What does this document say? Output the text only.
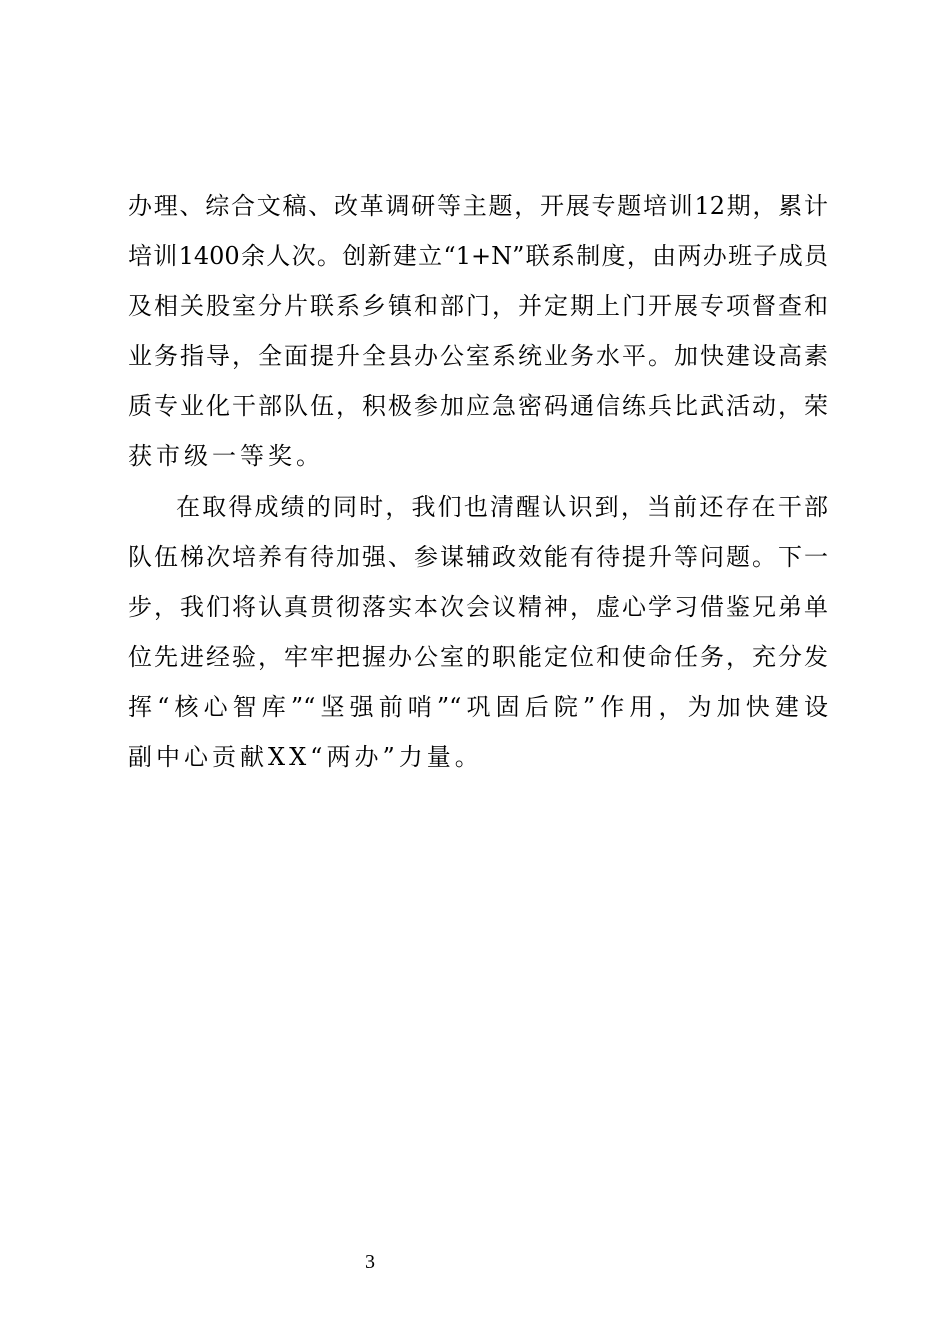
办理、综合文稿、改革调研等主题，开展专题培训12期，累计
培训1400余人次。创新建立“1+N”联系制度，由两办班子成员
及相关股室分片联系乡镇和部门，并定期上门开展专项督查和
业务指导，全面提升全县办公室系统业务水平。加快建设高素
质专业化干部队伍，积极参加应急密码通信练兵比武活动，荣
获市级一等奖。
在取得成绩的同时，我们也清醒认识到，当前还存在干部
队伍梯次培养有待加强、参谋辅政效能有待提升等问题。下一
步，我们将认真贯彻落实本次会议精神，虚心学习借鉴兄弟单
位先进经验，牢牢把握办公室的职能定位和使命任务，充分发
挥“核心智库”“坚强前哨”“巩固后院”作用，为加快建设
副中心贡献XX“两办”力量。
3
